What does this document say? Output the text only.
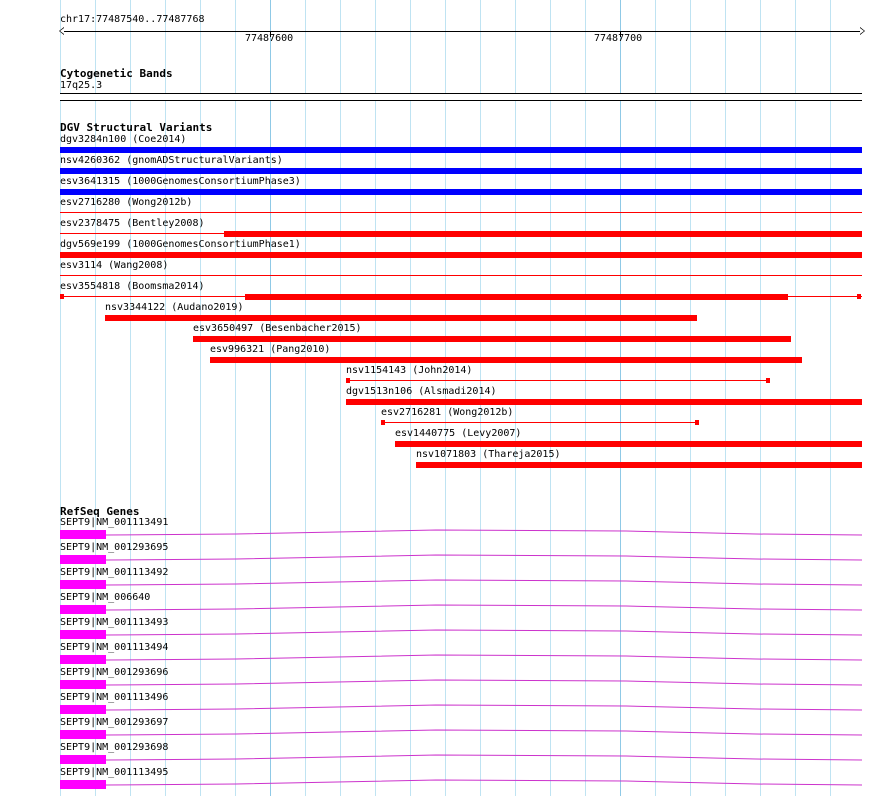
chr17:77487540..77487768
77487600	77487700
Cytogenetic Bands
17q25.3
DGV Structural Variants
dgv3284n100 (Coe2014)
nsv4260362 (gnomADStructuralVariants)
esv3641315 (1000GenomesConsortiumPhase3)
esv2716280 (Wong2012b)
esv2378475 (Bentley2008)
dgv569e199 (1000GenomesConsortiumPhase1)
esv3114 (Wang2008)
esv3554818 (Boomsma2014)
nsv3344122 (Audano2019)
esv3650497 (Besenbacher2015)
esv996321 (Pang2010)
nsv1154143 (John2014)
dgv1513n106 (Alsmadi2014)
esv2716281 (Wong2012b)
esv1440775 (Levy2007)
nsv1071803 (Thareja2015)
RefSeq Genes
SEPT9|NM_001113491
SEPT9|NM_001293695
SEPT9|NM_001113492
SEPT9|NM_006640
SEPT9|NM_001113493
SEPT9|NM_001113494
SEPT9|NM_001293696
SEPT9|NM_001113496
SEPT9|NM_001293697
SEPT9|NM_001293698
SEPT9|NM_001113495
